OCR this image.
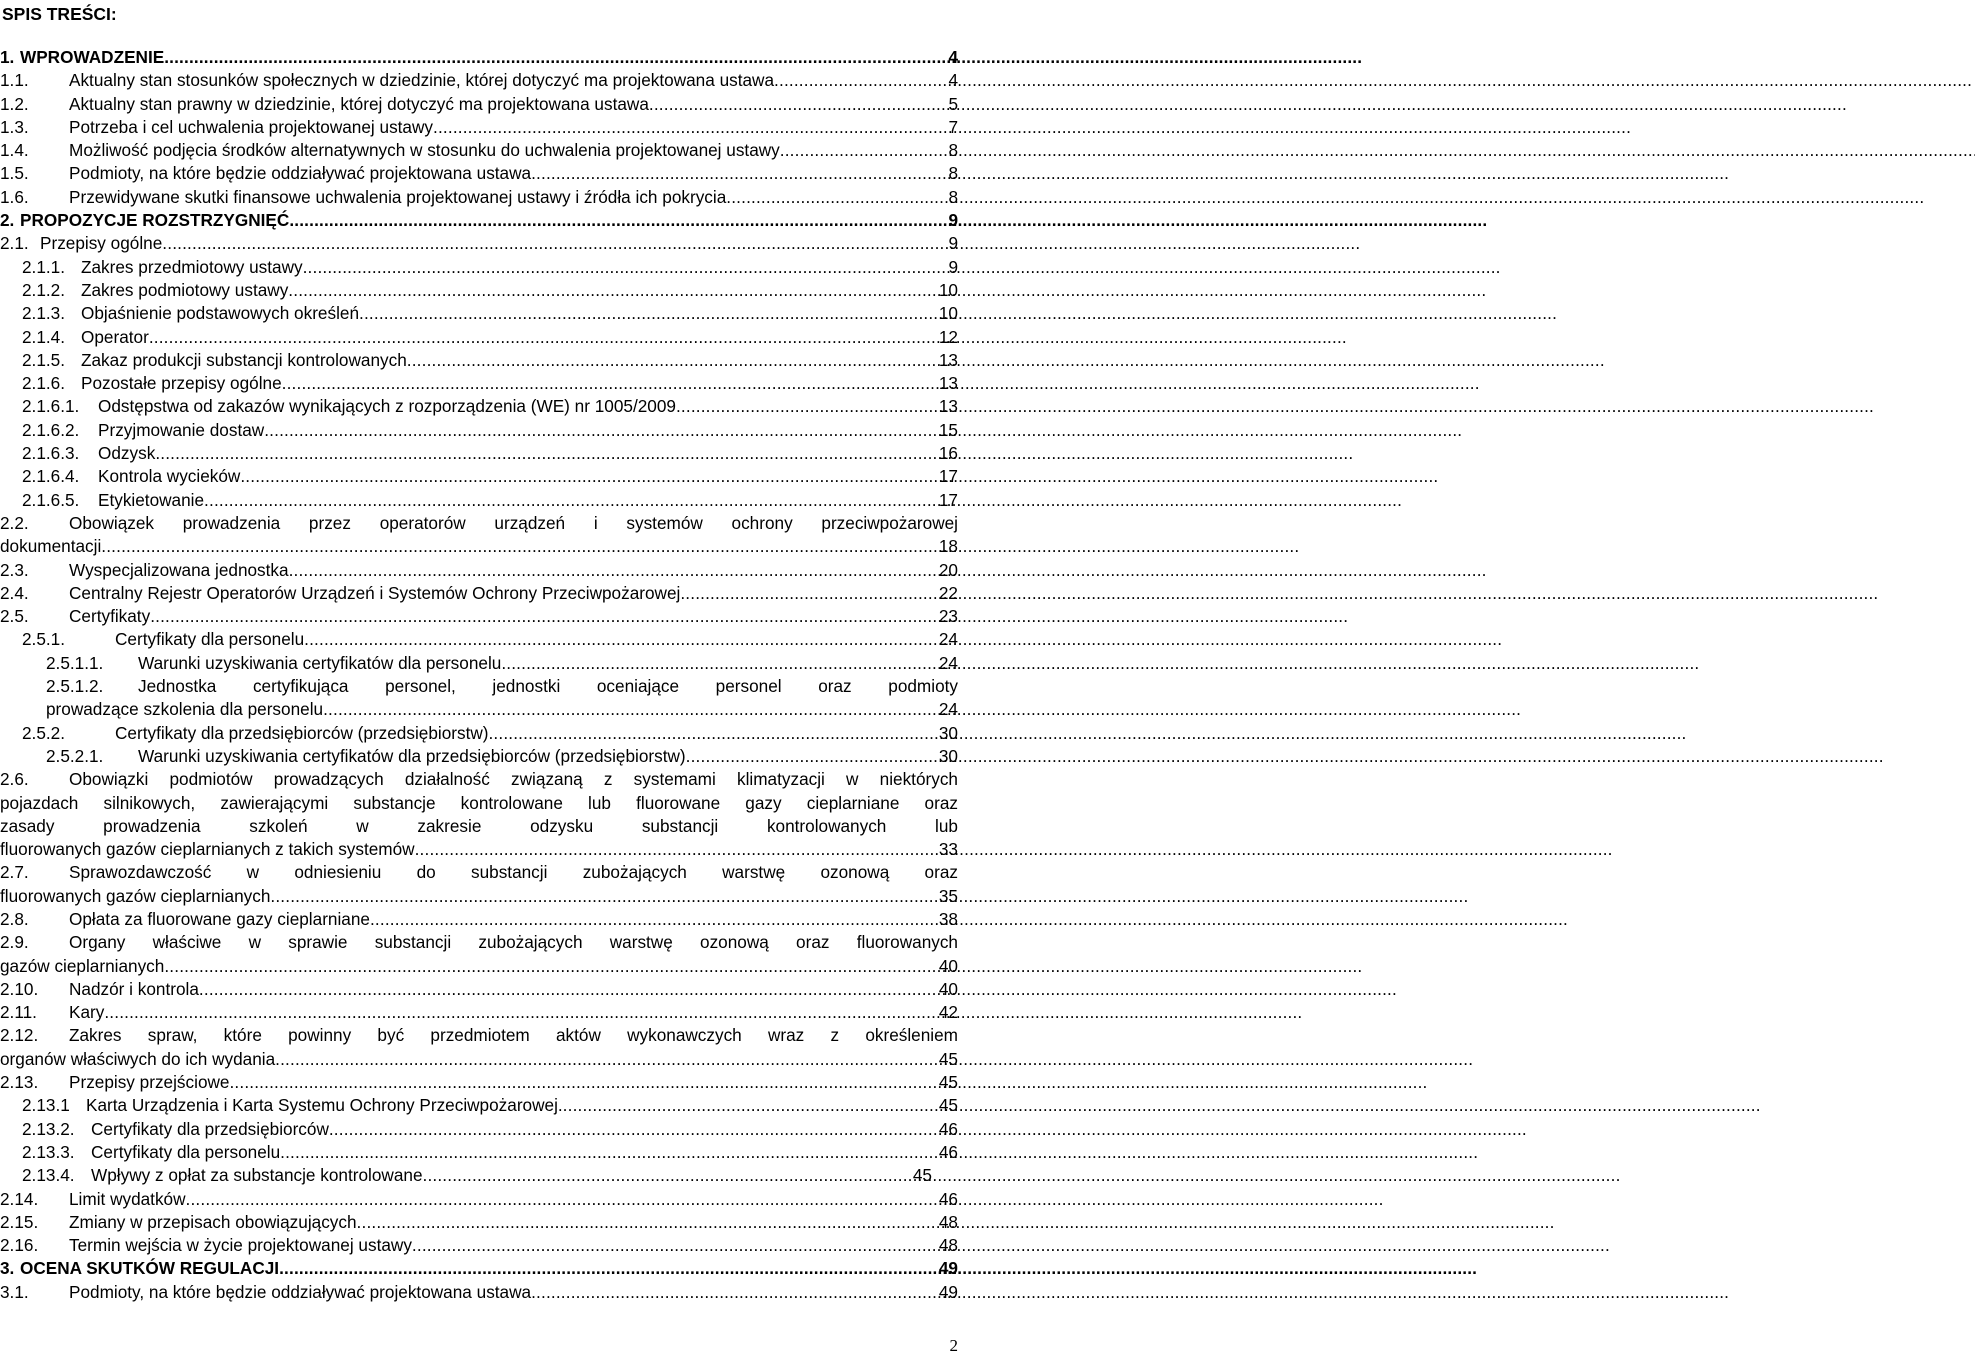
SPIS TREŚCI:
1. WPROWADZENIE . . .	4
1.1.	Aktualny stan stosunków społecznych w dziedzinie, której dotyczyć ma projektowana ustawa . . .	4
1.2.	Aktualny stan prawny w dziedzinie, której dotyczyć ma projektowana ustawa . . .	5
1.3.	Potrzeba i cel uchwalenia projektowanej ustawy . . .	7
1.4.	Możliwość podjęcia środków alternatywnych w stosunku do uchwalenia projektowanej ustawy . . .	8
1.5.	Podmioty, na które będzie oddziaływać projektowana ustawa . . .	8
1.6.	Przewidywane skutki finansowe uchwalenia projektowanej ustawy i źródła ich pokrycia . . .	8
2. PROPOZYCJE ROZSTRZYGNIĘĆ . . .	9
2.1. Przepisy ogólne . . .	9
2.1.1. Zakres przedmiotowy ustawy . . .	9
2.1.2. Zakres podmiotowy ustawy . . .	10
2.1.3. Objaśnienie podstawowych określeń . . .	10
2.1.4. Operator . . .	12
2.1.5. Zakaz produkcji substancji kontrolowanych . . .	13
2.1.6. Pozostałe przepisy ogólne . . .	13
2.1.6.1.	Odstępstwa od zakazów wynikających z rozporządzenia (WE) nr 1005/2009 . . .	13
2.1.6.2.	Przyjmowanie dostaw . . .	15
2.1.6.3.	Odzysk . . .	16
2.1.6.4.	Kontrola wycieków . . .	17
2.1.6.5.	Etykietowanie . . .	17
2.2.	Obowiązek prowadzenia przez operatorów urządzeń i systemów ochrony przeciwpożarowej
dokumentacji . . .	18
2.3.	Wyspecjalizowana jednostka . . .	20
2.4.	Centralny Rejestr Operatorów Urządzeń i Systemów Ochrony Przeciwpożarowej . . .	22
2.5.	Certyfikaty . . .	23
2.5.1.	Certyfikaty dla personelu . . .	24
2.5.1.1.	Warunki uzyskiwania certyfikatów dla personelu . . .	24
2.5.1.2.	Jednostka certyfikująca personel, jednostki oceniające personel oraz podmioty
prowadzące szkolenia dla personelu . . .	24
2.5.2.	Certyfikaty dla przedsiębiorców (przedsiębiorstw) . . .	30
2.5.2.1.	Warunki uzyskiwania certyfikatów dla przedsiębiorców (przedsiębiorstw) . . .	30
2.6.	Obowiązki podmiotów prowadzących działalność związaną z systemami klimatyzacji w niektórych
pojazdach silnikowych, zawierającymi substancje kontrolowane lub fluorowane gazy cieplarniane oraz
zasady prowadzenia szkoleń w zakresie odzysku substancji kontrolowanych lub
fluorowanych gazów cieplarnianych z takich systemów . . .	33
2.7.	Sprawozdawczość w odniesieniu do substancji zubożających warstwę ozonową oraz
fluorowanych gazów cieplarnianych . . .	35
2.8.	Opłata za fluorowane gazy cieplarniane . . .	38
2.9.	Organy właściwe w sprawie substancji zubożających warstwę ozonową oraz fluorowanych
gazów cieplarnianych . . .	40
2.10.	Nadzór i kontrola . . .	40
2.11.	Kary . . .	42
2.12.	Zakres spraw, które powinny być przedmiotem aktów wykonawczych wraz z określeniem
organów właściwych do ich wydania . . .	45
2.13.	Przepisy przejściowe . . .	45
2.13.1 Karta Urządzenia i Karta Systemu Ochrony Przeciwpożarowej. . . .	45
2.13.2. Certyfikaty dla przedsiębiorców . . .	46
2.13.3. Certyfikaty dla personelu . . .	46
2.13.4. Wpływy z opłat za substancje kontrolowane . . .	45
2.14.	Limit wydatków . . .	46
2.15.	Zmiany w przepisach obowiązujących . . .	48
2.16.	Termin wejścia w życie projektowanej ustawy . . .	48
3. OCENA SKUTKÓW REGULACJI . . .	49
3.1.	Podmioty, na które będzie oddziaływać projektowana ustawa . . .	49
2
